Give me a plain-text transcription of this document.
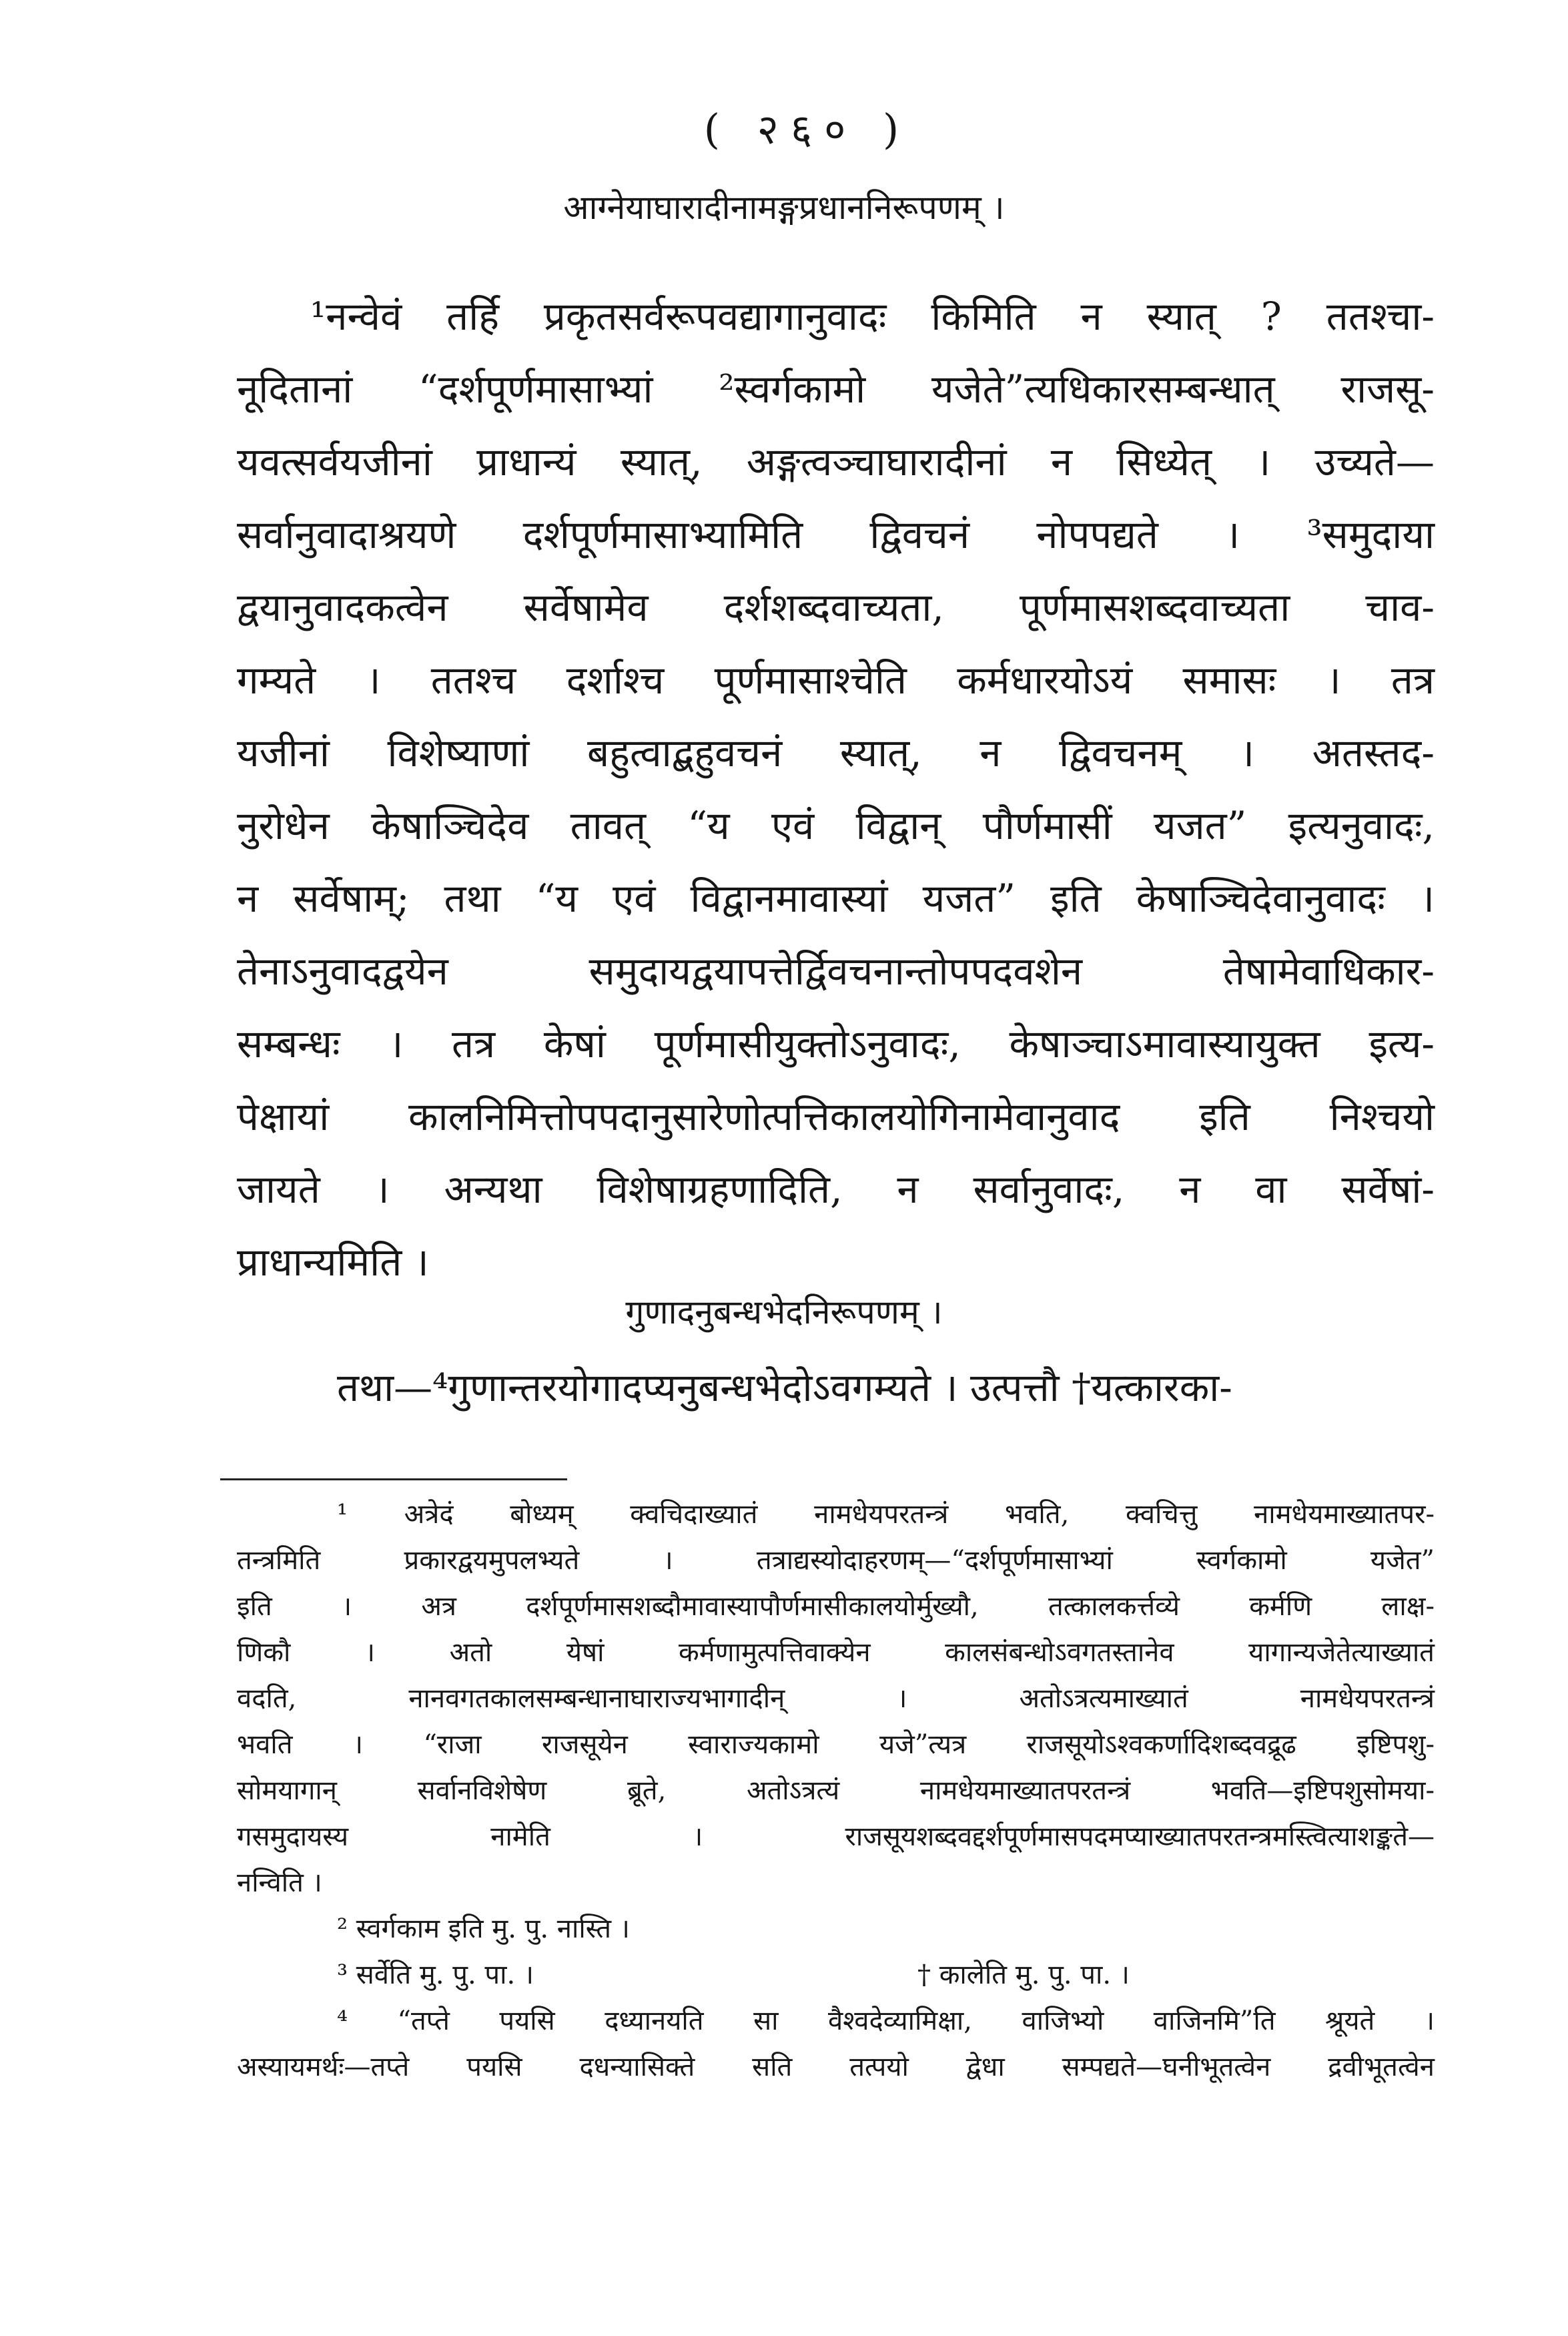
( २६० )
आग्नेयाघारादीनामङ्गप्रधाननिरूपणम् ।
¹नन्वेवं तर्हि प्रकृतसर्वरूपवद्यागानुवादः किमिति न स्यात् ? ततश्चा-
नूदितानां “दर्शपूर्णमासाभ्यां ²स्वर्गकामो यजेते”त्यधिकारसम्बन्धात् राजसू-
यवत्सर्वयजीनां प्राधान्यं स्यात्, अङ्गत्वञ्चाघारादीनां न सिध्येत् । उच्यते—
सर्वानुवादाश्रयणे दर्शपूर्णमासाभ्यामिति द्विवचनं नोपपद्यते । ³समुदाया
द्वयानुवादकत्वेन सर्वेषामेव दर्शशब्दवाच्यता, पूर्णमासशब्दवाच्यता चाव-
गम्यते । ततश्च दर्शाश्च पूर्णमासाश्चेति कर्मधारयोऽयं समासः । तत्र
यजीनां विशेष्याणां बहुत्वाद्बहुवचनं स्यात्, न द्विवचनम् । अतस्तद-
नुरोधेन केषाञ्चिदेव तावत् “य एवं विद्वान् पौर्णमासीं यजत” इत्यनुवादः,
न सर्वेषाम्; तथा “य एवं विद्वानमावास्यां यजत” इति केषाञ्चिदेवानुवादः ।
तेनाऽनुवादद्वयेन समुदायद्वयापत्तेर्द्विवचनान्तोपपदवशेन तेषामेवाधिकार-
सम्बन्धः । तत्र केषां पूर्णमासीयुक्तोऽनुवादः, केषाञ्चाऽमावास्यायुक्त इत्य-
पेक्षायां कालनिमित्तोपपदानुसारेणोत्पत्तिकालयोगिनामेवानुवाद इति निश्चयो
जायते । अन्यथा विशेषाग्रहणादिति, न सर्वानुवादः, न वा सर्वेषां-
प्राधान्यमिति ।
गुणादनुबन्धभेदनिरूपणम् ।
तथा—⁴गुणान्तरयोगादप्यनुबन्धभेदोऽवगम्यते । उत्पत्तौ †यत्कारका-
¹ अत्रेदं बोध्यम् क्वचिदाख्यातं नामधेयपरतन्त्रं भवति, क्वचित्तु नामधेयमाख्यातपर-
तन्त्रमिति प्रकारद्वयमुपलभ्यते । तत्राद्यस्योदाहरणम्—“दर्शपूर्णमासाभ्यां स्वर्गकामो यजेत”
इति । अत्र दर्शपूर्णमासशब्दौमावास्यापौर्णमासीकालयोर्मुख्यौ, तत्कालकर्त्तव्ये कर्मणि लाक्ष-
णिकौ । अतो येषां कर्मणामुत्पत्तिवाक्येन कालसंबन्धोऽवगतस्तानेव यागान्यजेतेत्याख्यातं
वदति, नानवगतकालसम्बन्धानाघाराज्यभागादीन् । अतोऽत्रत्यमाख्यातं नामधेयपरतन्त्रं
भवति । “राजा राजसूयेन स्वाराज्यकामो यजे”त्यत्र राजसूयोऽश्वकर्णादिशब्दवद्रूढ इष्टिपशु-
सोमयागान् सर्वानविशेषेण ब्रूते, अतोऽत्रत्यं नामधेयमाख्यातपरतन्त्रं भवति—इष्टिपशुसोमया-
गसमुदायस्य नामेति । राजसूयशब्दवद्दर्शपूर्णमासपदमप्याख्यातपरतन्त्रमस्त्वित्याशङ्कते—
नन्विति ।
² स्वर्गकाम इति मु. पु. नास्ति ।
³ सर्वेति मु. पु. पा. ।	† कालेति मु. पु. पा. ।
⁴ “तप्ते पयसि दध्यानयति सा वैश्वदेव्यामिक्षा, वाजिभ्यो वाजिनमि”ति श्रूयते ।
अस्यायमर्थः—तप्ते पयसि दधन्यासिक्ते सति तत्पयो द्वेधा सम्पद्यते—घनीभूतत्वेन द्रवीभूतत्वेन
